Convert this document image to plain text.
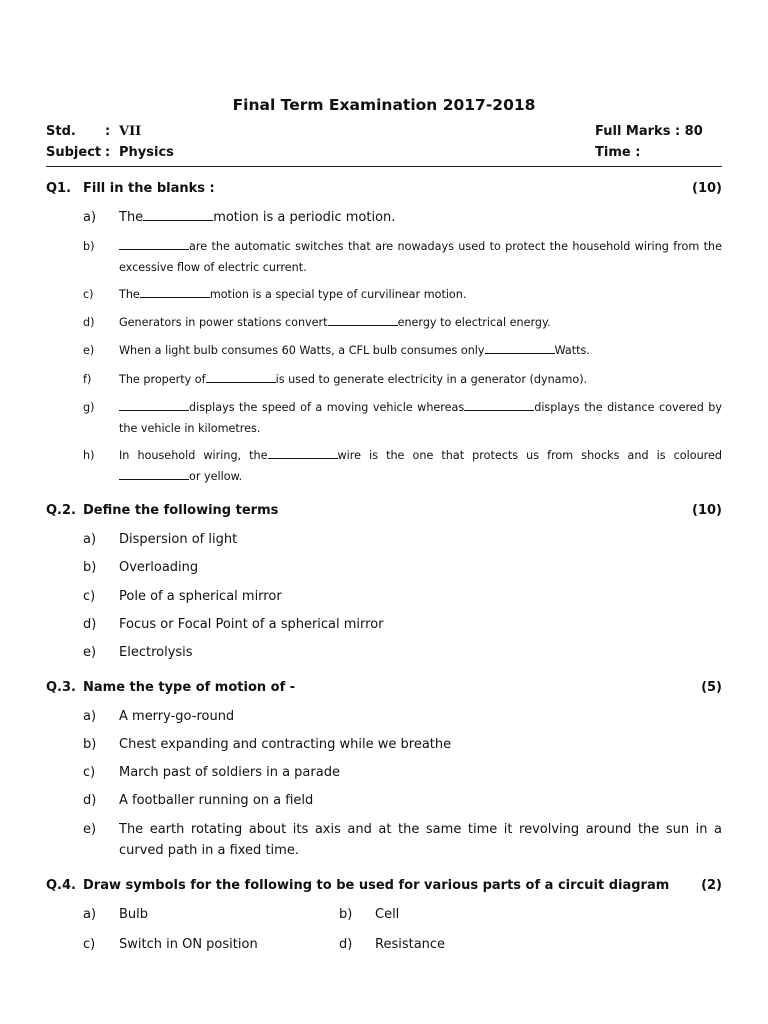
Final Term Examination 2017-2018
Std. : VII
Subject : Physics
Full Marks : 80
Time :
Q1. Fill in the blanks :	(10)
a) The	motion is a periodic motion.
b)	are the automatic switches that are nowadays used to protect the household wiring from the excessive flow of electric current.
c) The	motion is a special type of curvilinear motion.
d) Generators in power stations convert	energy to electrical energy.
e) When a light bulb consumes 60 Watts, a CFL bulb consumes only	Watts.
f) The property of	is used to generate electricity in a generator (dynamo).
g)	displays the speed of a moving vehicle whereas	displays the distance covered by the vehicle in kilometres.
h) In household wiring, the	wire is the one that protects us from shocks and is coloured or yellow.
Q.2. Define the following terms	(10)
a) Dispersion of light
b) Overloading
c) Pole of a spherical mirror
d) Focus or Focal Point of a spherical mirror
e) Electrolysis
Q.3. Name the type of motion of -	(5)
a) A merry-go-round
b) Chest expanding and contracting while we breathe
c) March past of soldiers in a parade
d) A footballer running on a field
e) The earth rotating about its axis and at the same time it revolving around the sun in a curved path in a fixed time.
Q.4. Draw symbols for the following to be used for various parts of a circuit diagram (2)
a) Bulb	b) Cell
c) Switch in ON position	d) Resistance
